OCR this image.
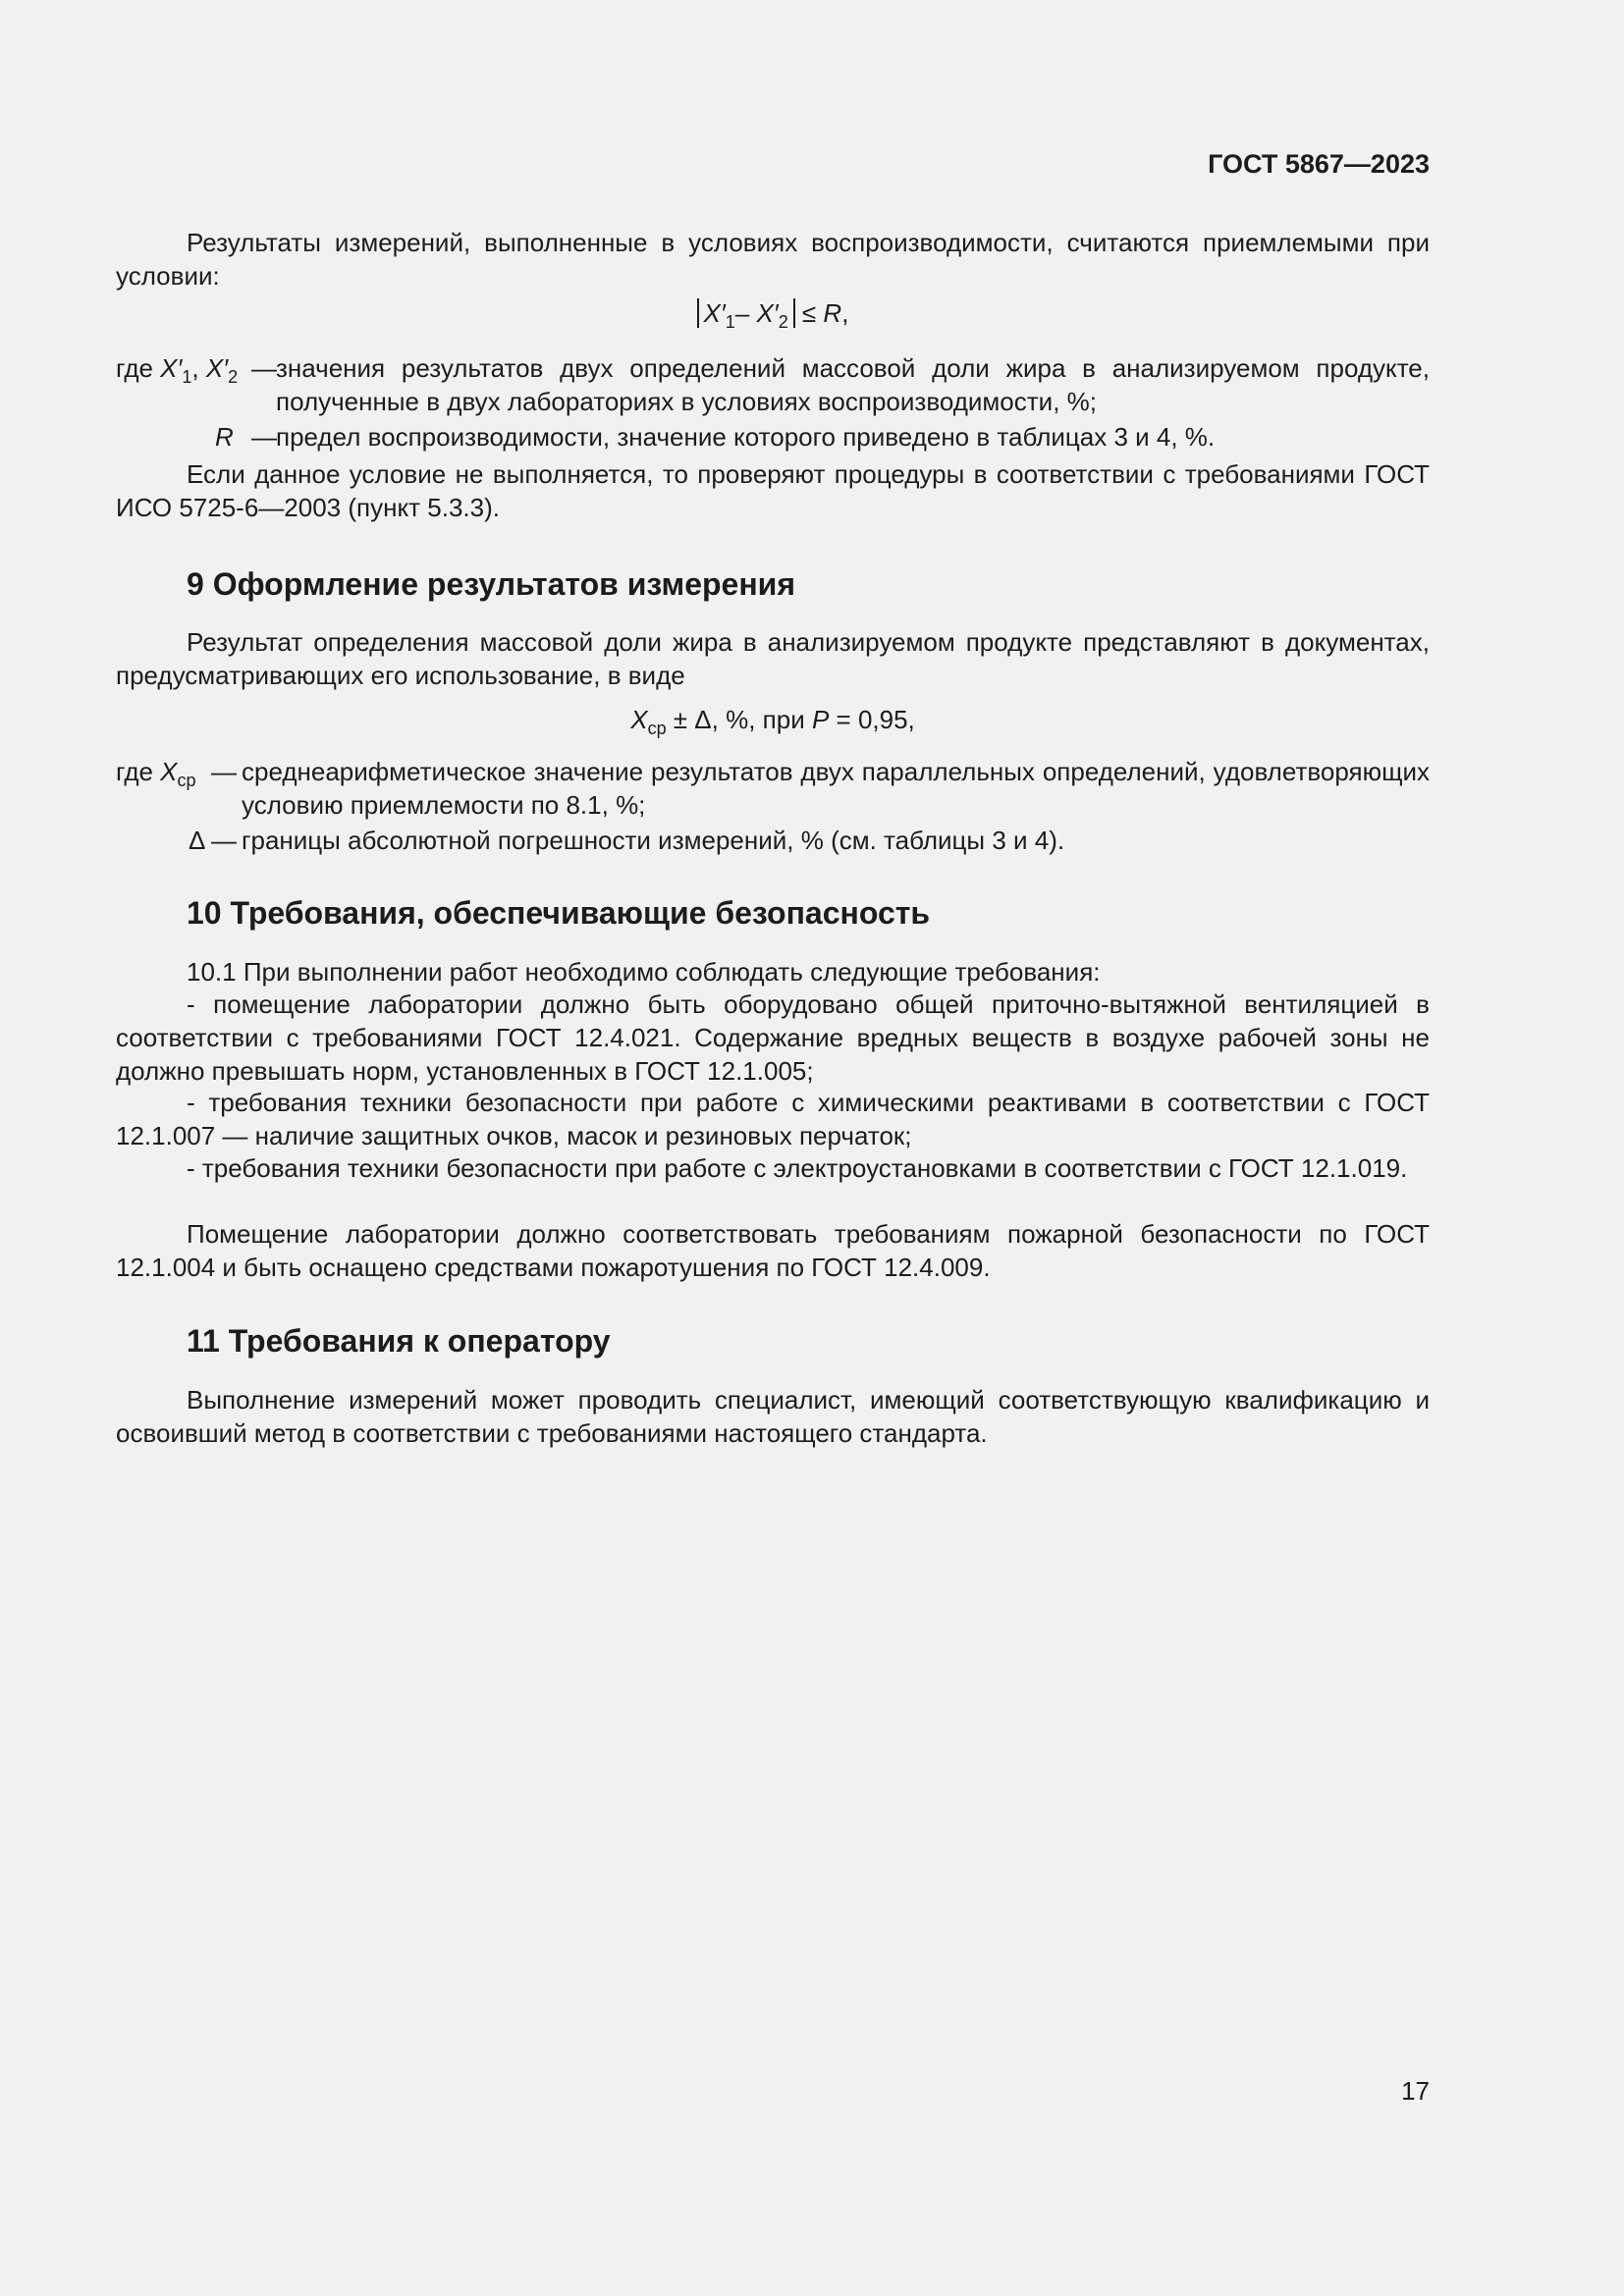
ГОСТ 5867—2023

Результаты измерений, выполненные в условиях воспроизводимости, считаются приемлемыми при условии:

$X'_1-$ $X'_2 \le R$,
где $X'_1$, $X'_2$ — значения результатов двух определений массовой доли жира в анализируемом продукте, полученные в двух лабораториях в условиях воспроизводимости, %;
R — предел воспроизводимости, значение которого приведено в таблицах 3 и 4, %.

Если данное условие не выполняется, то проверяют процедуры в соответствии с требованиями ГОСТ ИСО 5725-6—2003 (пункт 5.3.3).

9 Оформление результатов измерения

Результат определения массовой доли жира в анализируемом продукте представляют в документах, предусматривающих его использование, в виде

$X_{ср} \pm \Delta$, %, при P = 0,95,
где $X_{ср}$ — среднеарифметическое значение результатов двух параллельных определений, удовлетворяющих условию приемлемости по 8.1, %;
Δ — границы абсолютной погрешности измерений, % (см. таблицы 3 и 4).
10 Требования, обеспечивающие безопасность

10.1 При выполнении работ необходимо соблюдать следующие требования:

- помещение лаборатории должно быть оборудовано общей приточно-вытяжной вентиляцией в соответствии с требованиями ГОСТ 12.4.021. Содержание вредных веществ в воздухе рабочей зоны не должно превышать норм, установленных в ГОСТ 12.1.005;

- требования техники безопасности при работе с химическими реактивами в соответствии с ГОСТ 12.1.007 — наличие защитных очков, масок и резиновых перчаток;

- требования техники безопасности при работе с электроустановками в соответствии с ГОСТ 12.1.019.

Помещение лаборатории должно соответствовать требованиям пожарной безопасности по ГОСТ 12.1.004 и быть оснащено средствами пожаротушения по ГОСТ 12.4.009.

11 Требования к оператору

Выполнение измерений может проводить специалист, имеющий соответствующую квалификацию и освоивший метод в соответствии с требованиями настоящего стандарта.

17
